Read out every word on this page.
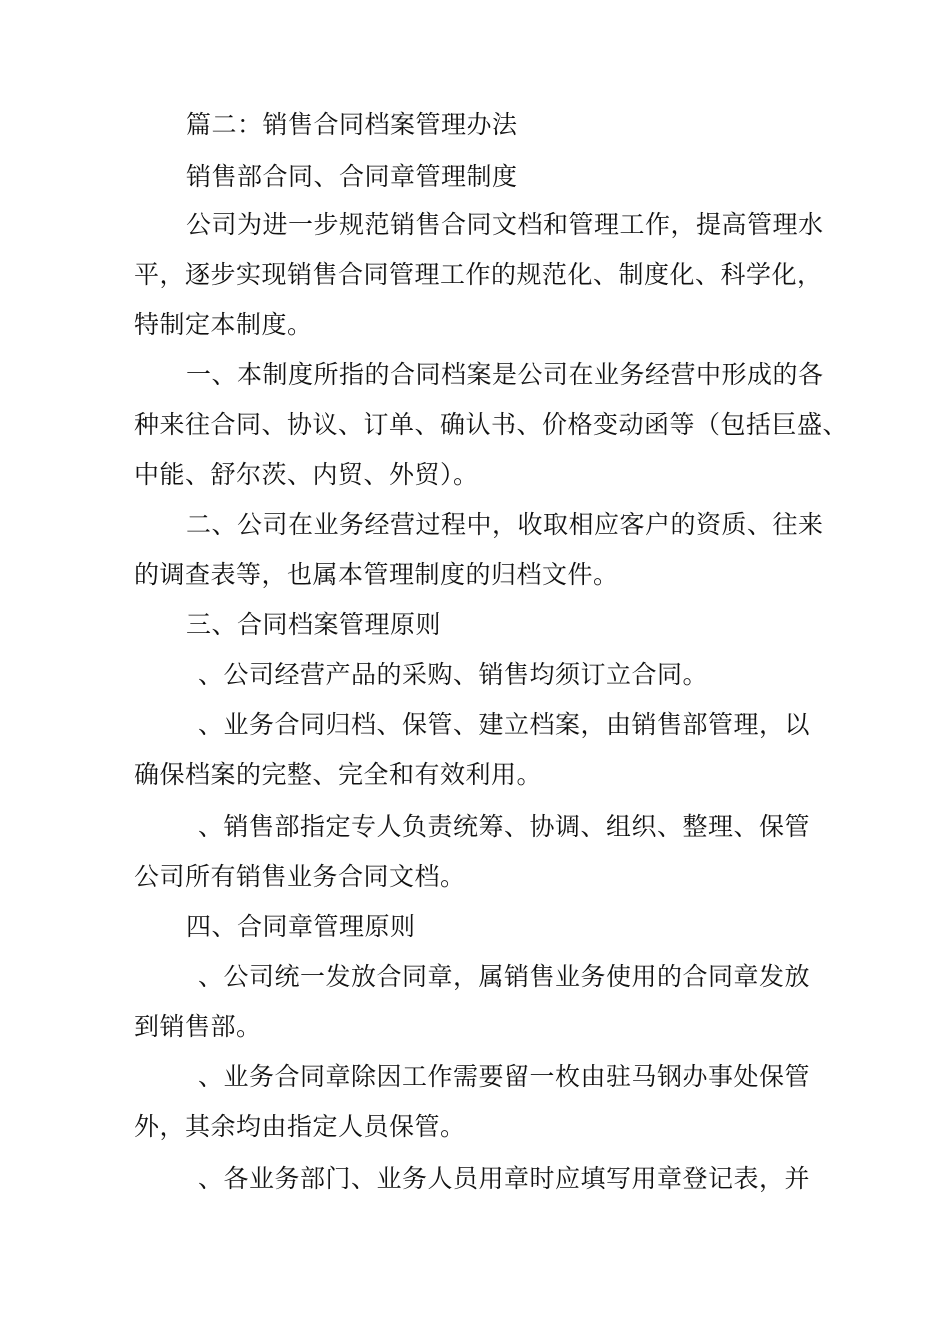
篇二：销售合同档案管理办法
销售部合同、合同章管理制度
公司为进一步规范销售合同文档和管理工作，提高管理水
平，逐步实现销售合同管理工作的规范化、制度化、科学化，
特制定本制度。
一、本制度所指的合同档案是公司在业务经营中形成的各
种来往合同、协议、订单、确认书、价格变动函等（包括巨盛、
中能、舒尔茨、内贸、外贸）。
二、公司在业务经营过程中，收取相应客户的资质、往来
的调查表等，也属本管理制度的归档文件。
三、合同档案管理原则
、公司经营产品的采购、销售均须订立合同。
、业务合同归档、保管、建立档案，由销售部管理，以
确保档案的完整、完全和有效利用。
、销售部指定专人负责统筹、协调、组织、整理、保管
公司所有销售业务合同文档。
四、合同章管理原则
、公司统一发放合同章，属销售业务使用的合同章发放
到销售部。
、业务合同章除因工作需要留一枚由驻马钢办事处保管
外，其余均由指定人员保管。
、各业务部门、业务人员用章时应填写用章登记表，并
